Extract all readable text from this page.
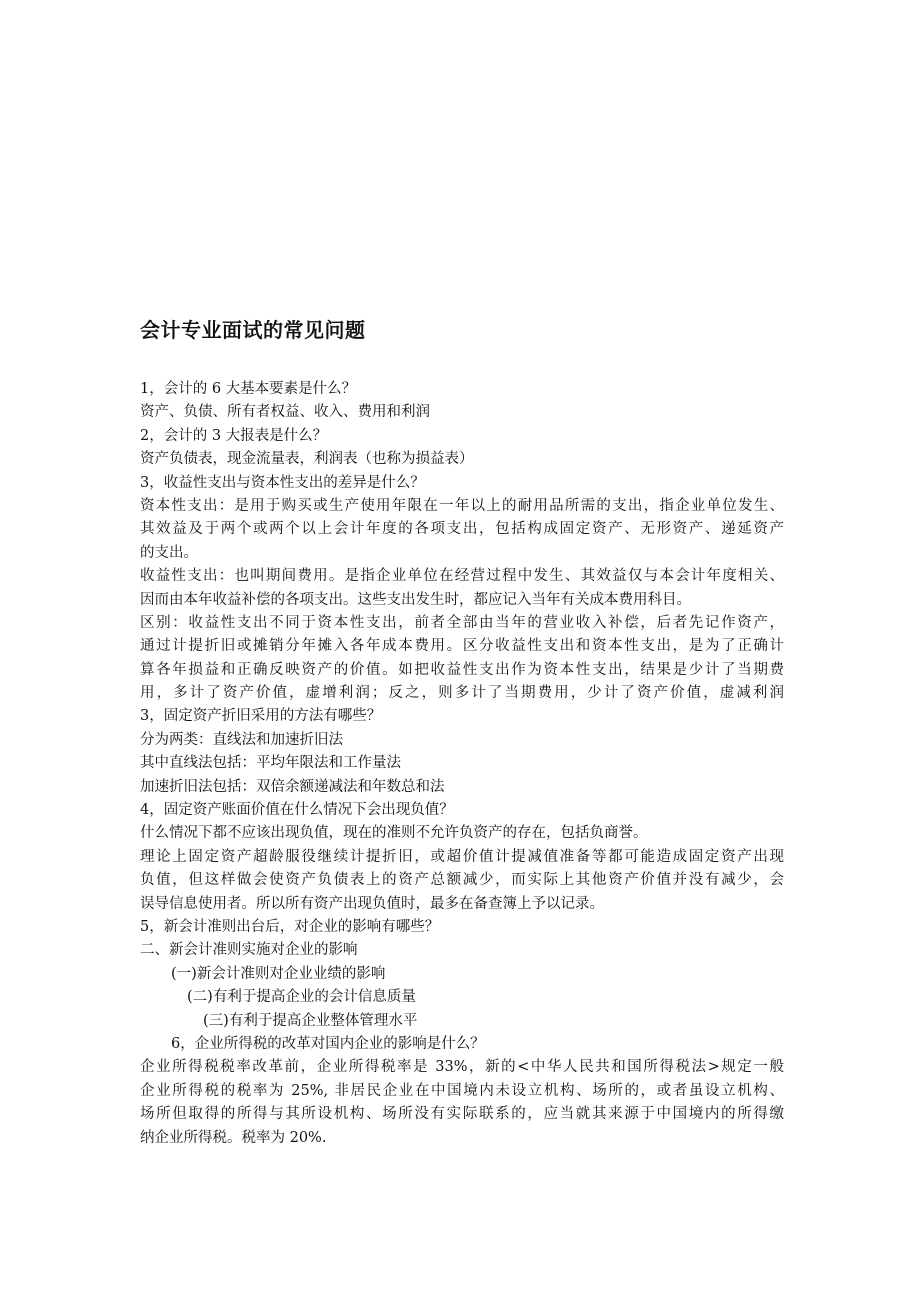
会计专业面试的常见问题
1，会计的 6 大基本要素是什么？
资产、负债、所有者权益、收入、费用和利润
2，会计的 3 大报表是什么？
资产负债表，现金流量表，利润表（也称为损益表）
3，收益性支出与资本性支出的差异是什么？
资本性支出：是用于购买或生产使用年限在一年以上的耐用品所需的支出，指企业单位发生、
其效益及于两个或两个以上会计年度的各项支出，包括构成固定资产、无形资产、递延资产
的支出。
收益性支出：也叫期间费用。是指企业单位在经营过程中发生、其效益仅与本会计年度相关、
因而由本年收益补偿的各项支出。这些支出发生时，都应记入当年有关成本费用科目。
区别：收益性支出不同于资本性支出，前者全部由当年的营业收入补偿，后者先记作资产，
通过计提折旧或摊销分年摊入各年成本费用。区分收益性支出和资本性支出，是为了正确计
算各年损益和正确反映资产的价值。如把收益性支出作为资本性支出，结果是少计了当期费
用，多计了资产价值，虚增利润；反之，则多计了当期费用，少计了资产价值，虚减利润
3，固定资产折旧采用的方法有哪些？
分为两类：直线法和加速折旧法
其中直线法包括：平均年限法和工作量法
加速折旧法包括：双倍余额递减法和年数总和法
4，固定资产账面价值在什么情况下会出现负值？
什么情况下都不应该出现负值，现在的准则不允许负资产的存在，包括负商誉。
理论上固定资产超龄服役继续计提折旧，或超价值计提减值准备等都可能造成固定资产出现
负值，但这样做会使资产负债表上的资产总额减少，而实际上其他资产价值并没有减少，会
误导信息使用者。所以所有资产出现负值时，最多在备查簿上予以记录。
5，新会计准则出台后，对企业的影响有哪些？
二、新会计准则实施对企业的影响
(一)新会计准则对企业业绩的影响
(二)有利于提高企业的会计信息质量
(三)有利于提高企业整体管理水平
6，企业所得税的改革对国内企业的影响是什么？
企业所得税税率改革前，企业所得税率是 33%，新的<中华人民共和国所得税法>规定一般
企业所得税的税率为 25%, 非居民企业在中国境内未设立机构、场所的，或者虽设立机构、
场所但取得的所得与其所设机构、场所没有实际联系的，应当就其来源于中国境内的所得缴
纳企业所得税。税率为 20%.
